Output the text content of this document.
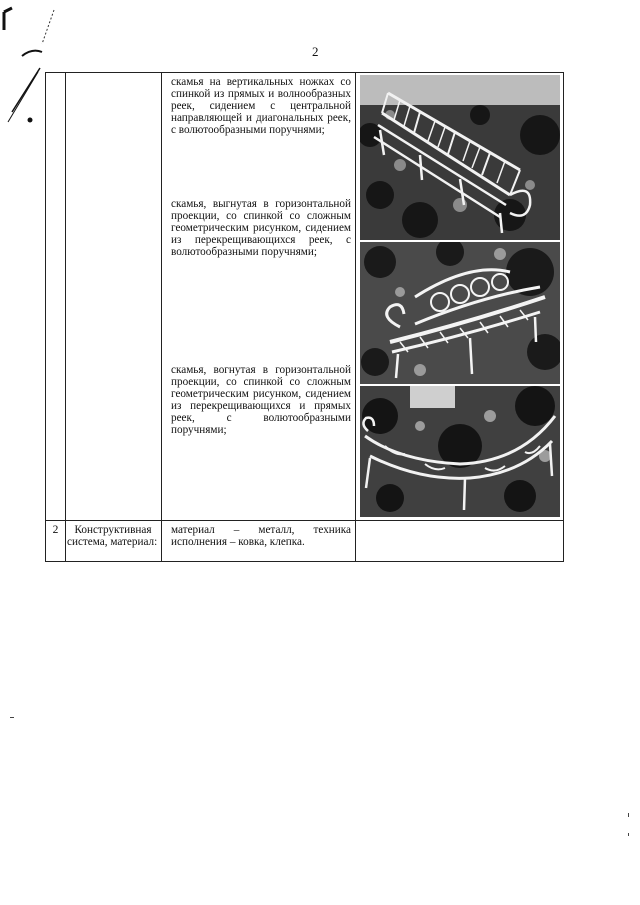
2
скамья на вертикальных ножках со спинкой из прямых и волнообразных реек, сидением с центральной направляющей и диагональных реек, с волютообразными поручнями;
скамья, выгнутая в горизонтальной проекции, со спинкой со сложным геометрическим рисунком, сидением из перекрещивающихся реек, с волютообразными поручнями;
скамья, вогнутая в горизонтальной проекции, со спинкой со сложным геометрическим рисунком, сидением из перекрещивающихся и прямых реек, с волютообразными поручнями;
2	Конструктивная система, материал:
материал – металл, техника исполнения – ковка, клепка.
